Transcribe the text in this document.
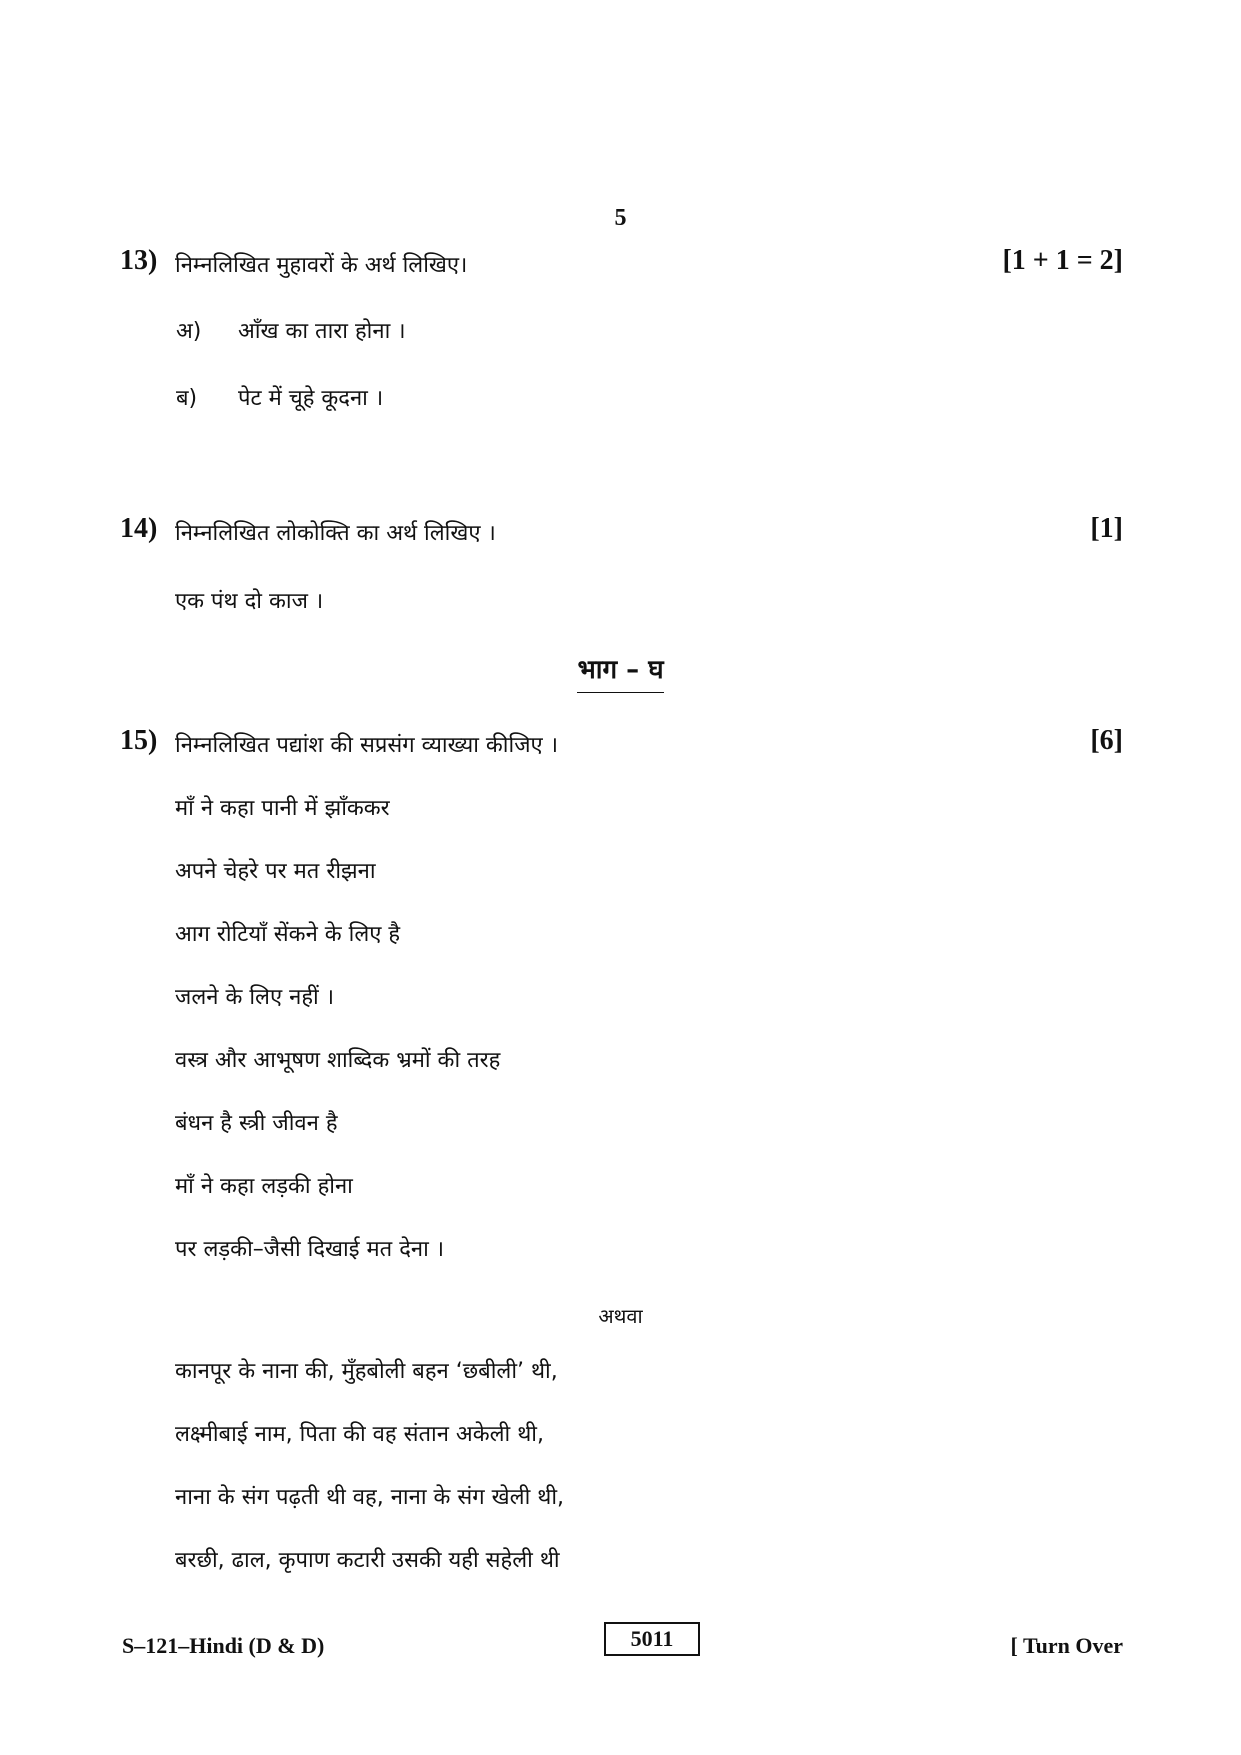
5
13) निम्नलिखित मुहावरों के अर्थ लिखिए।	[1 + 1 = 2]
अ) आँख का तारा होना ।
ब) पेट में चूहे कूदना ।
14) निम्नलिखित लोकोक्ति का अर्थ लिखिए ।	[1]
एक पंथ दो काज ।
भाग – घ
15) निम्नलिखित पद्यांश की सप्रसंग व्याख्या कीजिए ।	[6]
माँ ने कहा पानी में झाँककर
अपने चेहरे पर मत रीझना
आग रोटियाँ सेंकने के लिए है
जलने के लिए नहीं ।
वस्त्र और आभूषण शाब्दिक भ्रमों की तरह
बंधन है स्त्री जीवन है
माँ ने कहा लड़की होना
पर लड़की–जैसी दिखाई मत देना ।
अथवा
कानपूर के नाना की, मुँहबोली बहन ‘छबीली’ थी,
लक्ष्मीबाई नाम, पिता की वह संतान अकेली थी,
नाना के संग पढ़ती थी वह, नाना के संग खेली थी,
बरछी, ढाल, कृपाण कटारी उसकी यही सहेली थी
S–121–Hindi (D & D)	5011	[ Turn Over
